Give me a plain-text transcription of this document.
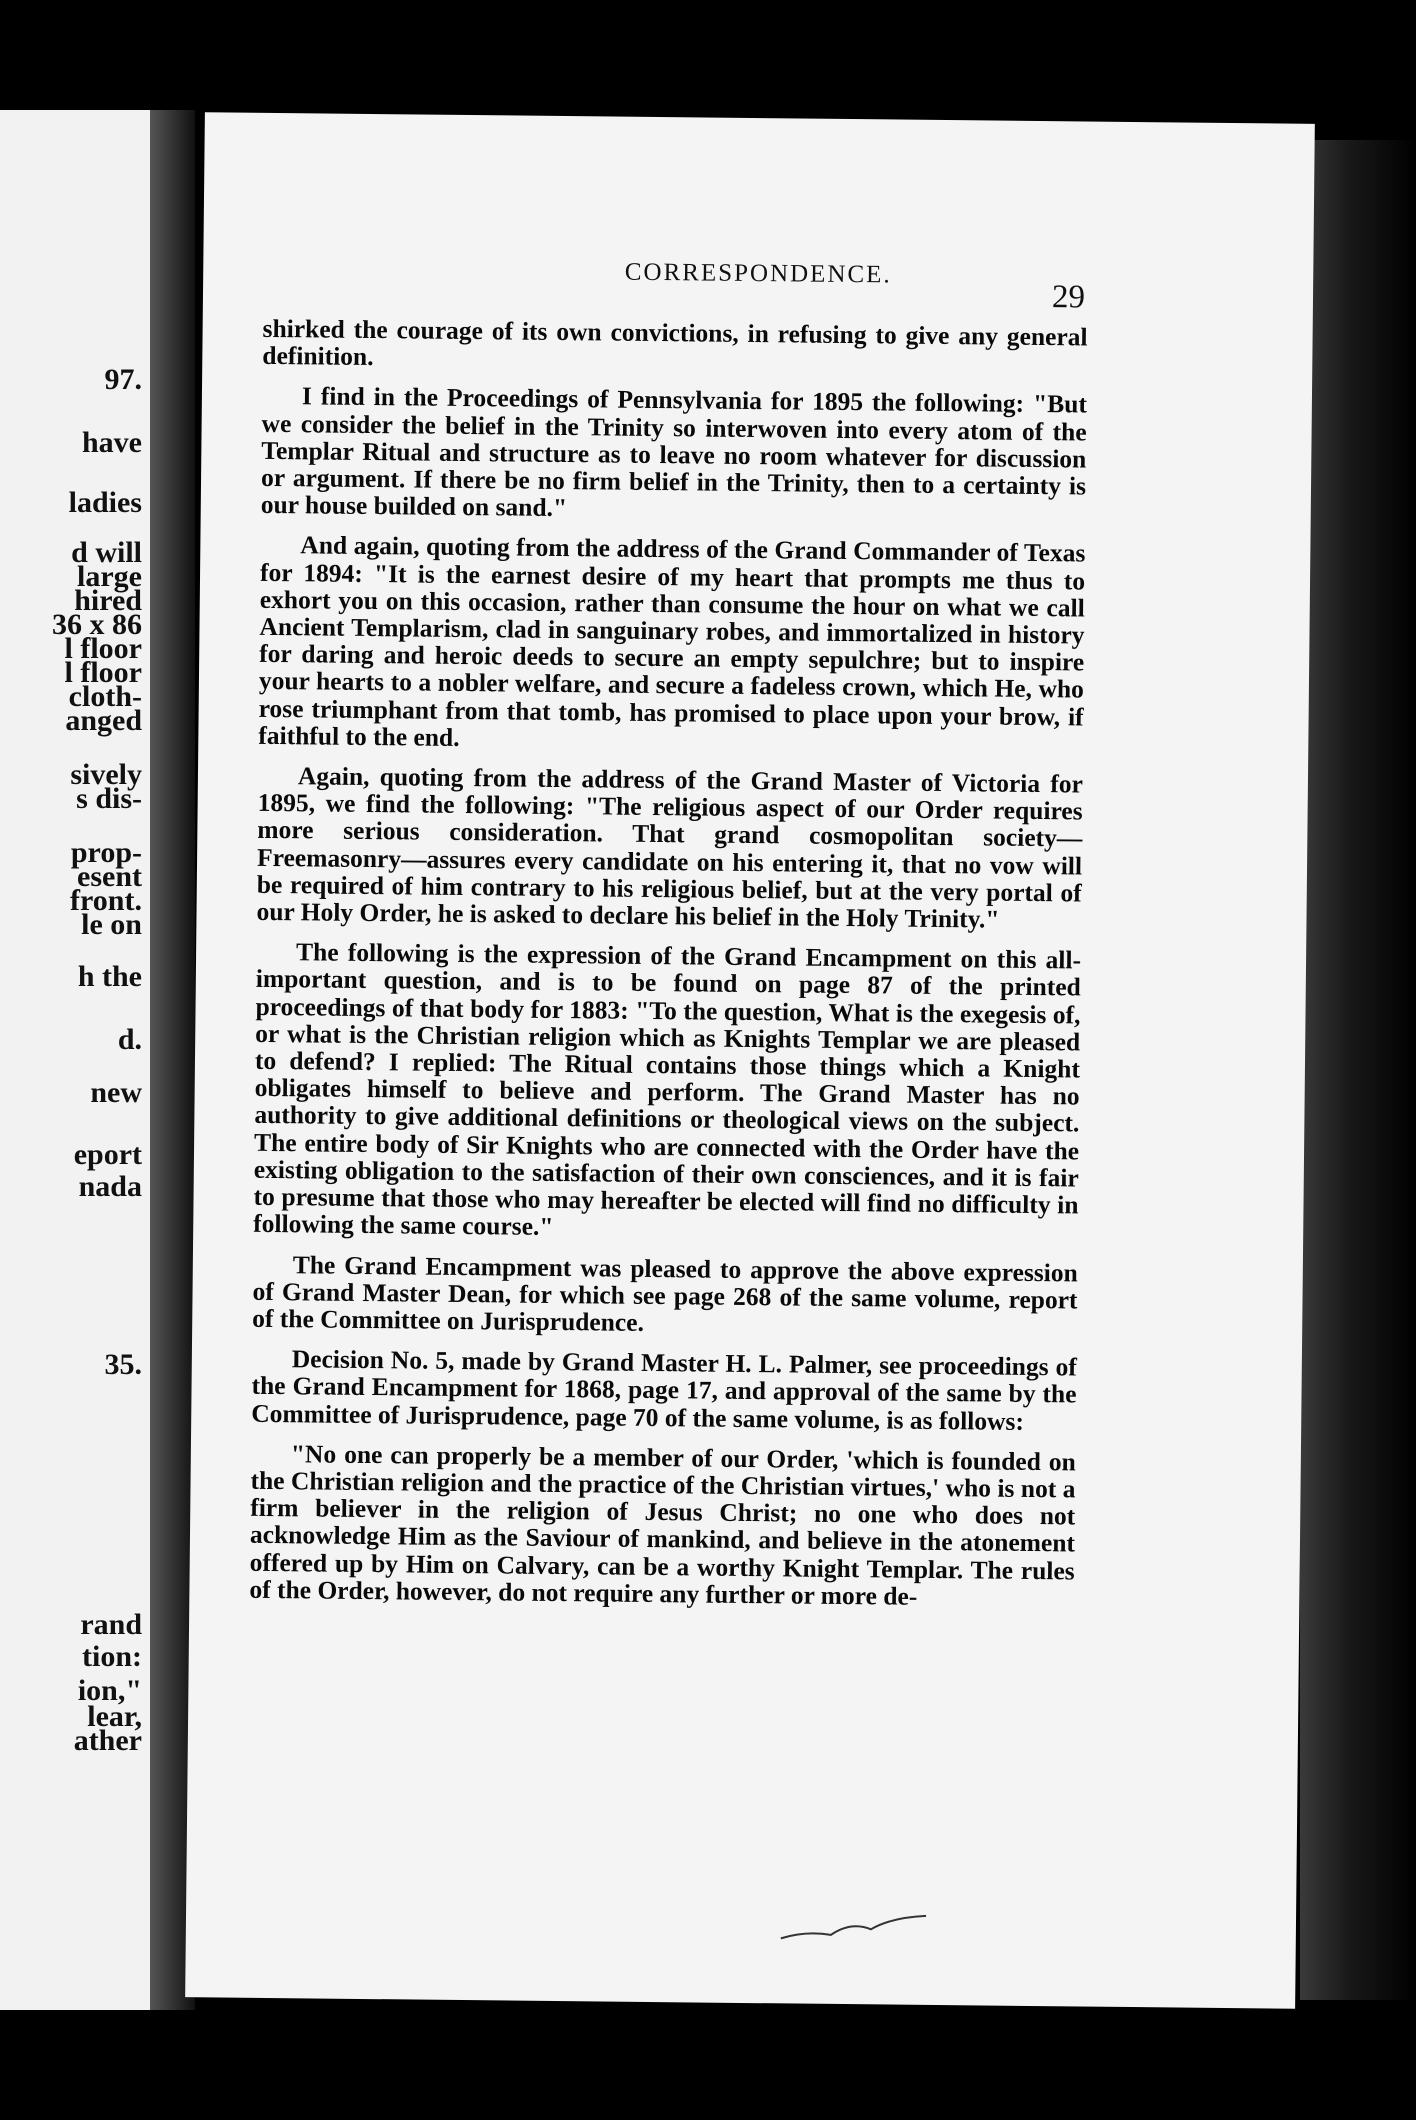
97.
have
ladies
d will
large
hired
36 x 86
l floor
l floor
cloth-
anged
sively
s dis-
prop-
esent
front.
le on
h the
d.
new
eport
nada
35.
rand
tion:
ion,"
lear,
ather
CORRESPONDENCE.
29

shirked the courage of its own convictions, in refusing to give any general definition.

I find in the Proceedings of Pennsylvania for 1895 the following: "But we consider the belief in the Trinity so interwoven into every atom of the Templar Ritual and structure as to leave no room whatever for discussion or argument. If there be no firm belief in the Trinity, then to a certainty is our house builded on sand."

And again, quoting from the address of the Grand Commander of Texas for 1894: "It is the earnest desire of my heart that prompts me thus to exhort you on this occasion, rather than consume the hour on what we call Ancient Templarism, clad in sanguinary robes, and immortalized in history for daring and heroic deeds to secure an empty sepulchre; but to inspire your hearts to a nobler welfare, and secure a fadeless crown, which He, who rose triumphant from that tomb, has promised to place upon your brow, if faithful to the end.

Again, quoting from the address of the Grand Master of Victoria for 1895, we find the following: "The religious aspect of our Order requires more serious consideration. That grand cosmopolitan society—Freemasonry—assures every candidate on his entering it, that no vow will be required of him contrary to his religious belief, but at the very portal of our Holy Order, he is asked to declare his belief in the Holy Trinity."

The following is the expression of the Grand Encampment on this all-important question, and is to be found on page 87 of the printed proceedings of that body for 1883: "To the question, What is the exegesis of, or what is the Christian religion which as Knights Templar we are pleased to defend? I replied: The Ritual contains those things which a Knight obligates himself to believe and perform. The Grand Master has no authority to give additional definitions or theological views on the subject. The entire body of Sir Knights who are connected with the Order have the existing obligation to the satisfaction of their own consciences, and it is fair to presume that those who may hereafter be elected will find no difficulty in following the same course."

The Grand Encampment was pleased to approve the above expression of Grand Master Dean, for which see page 268 of the same volume, report of the Committee on Jurisprudence.

Decision No. 5, made by Grand Master H. L. Palmer, see proceedings of the Grand Encampment for 1868, page 17, and approval of the same by the Committee of Jurisprudence, page 70 of the same volume, is as follows:

"No one can properly be a member of our Order, 'which is founded on the Christian religion and the practice of the Christian virtues,' who is not a firm believer in the religion of Jesus Christ; no one who does not acknowledge Him as the Saviour of mankind, and believe in the atonement offered up by Him on Calvary, can be a worthy Knight Templar. The rules of the Order, however, do not require any further or more de-
